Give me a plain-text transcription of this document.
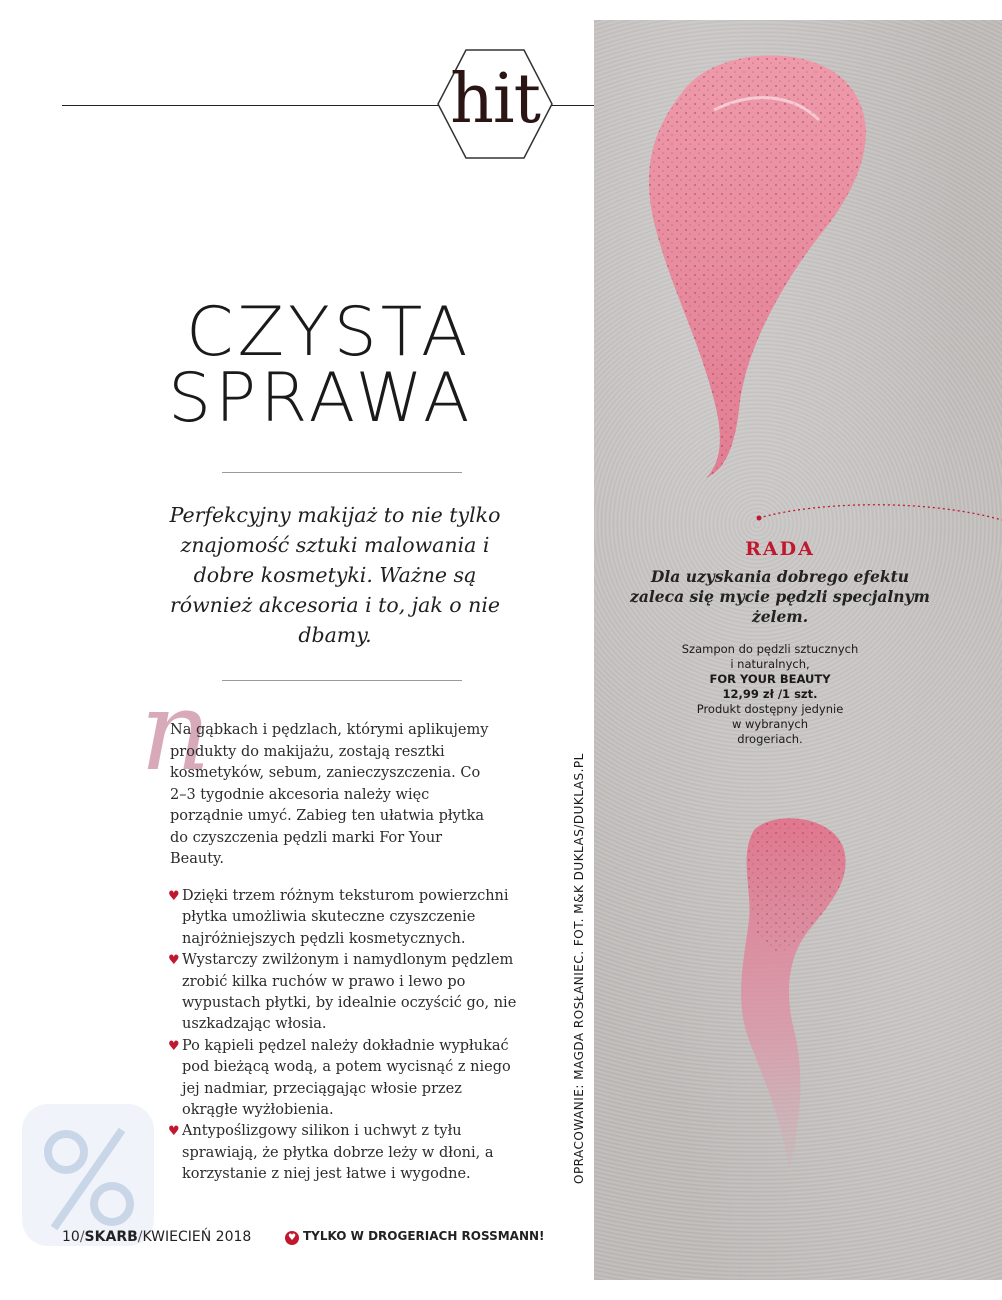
hit
CZYSTA
SPRAWA
Perfekcyjny makijaż to nie tylko znajomość sztuki malowania i dobre kosmetyki. Ważne są również akcesoria i to, jak o nie dbamy.
n
Na gąbkach i pędzlach, którymi aplikujemy produkty do makijażu, zostają resztki kosmetyków, sebum, zanieczyszczenia. Co 2–3 tygodnie akcesoria należy więc porządnie umyć. Zabieg ten ułatwia płytka do czyszczenia pędzli marki For Your Beauty.
♥ Dzięki trzem różnym teksturom powierzchni płytka umożliwia skuteczne czyszczenie najróżniejszych pędzli kosmetycznych.
♥ Wystarczy zwilżonym i namydlonym pędzlem zrobić kilka ruchów w prawo i lewo po wypustach płytki, by idealnie oczyścić go, nie uszkadzając włosia.
♥ Po kąpieli pędzel należy dokładnie wypłukać pod bieżącą wodą, a potem wycisnąć z niego jej nadmiar, przeciągając włosie przez okrągłe wyżłobienia.
♥ Antypoślizgowy silikon i uchwyt z tyłu sprawiają, że płytka dobrze leży w dłoni, a korzystanie z niej jest łatwe i wygodne.	OPRACOWANIE: MAGDA ROSŁANIEC. FOT. M&K DUKLAS/DUKLAS.PL
RADA
Dla uzyskania dobrego efektu zaleca się mycie pędzli specjalnym żelem.
Szampon do pędzli sztucznych
i naturalnych,
FOR YOUR BEAUTY
12,99 zł /1 szt.
Produkt dostępny jedynie
w wybranych
drogeriach.
10/SKARB/KWIECIEŃ 2018	♥ TYLKO W DROGERIACH ROSSMANN!
